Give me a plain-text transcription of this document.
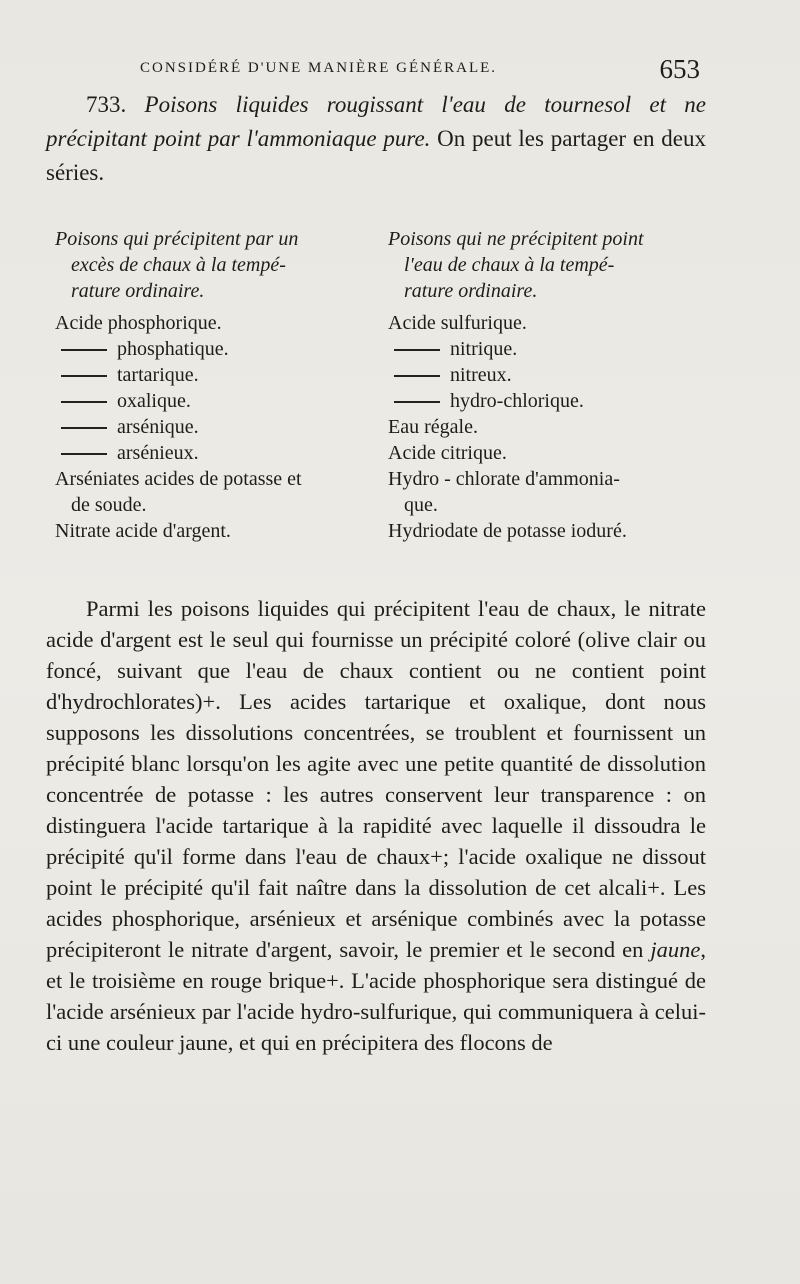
CONSIDÉRÉ D'UNE MANIÈRE GÉNÉRALE.	653
733. Poisons liquides rougissant l'eau de tournesol et ne précipitant point par l'ammoniaque pure. On peut les partager en deux séries.
Poisons qui précipitent par un
excès de chaux à la tempé-
rature ordinaire.
Acide phosphorique.
phosphatique.
tartarique.
oxalique.
arsénique.
arsénieux.
Arséniates acides de potasse et
de soude.
Nitrate acide d'argent.
Poisons qui ne précipitent point
l'eau de chaux à la tempé-
rature ordinaire.
Acide sulfurique.
nitrique.
nitreux.
hydro-chlorique.
Eau régale.
Acide citrique.
Hydro - chlorate d'ammonia-
que.
Hydriodate de potasse ioduré.

Parmi les poisons liquides qui précipitent l'eau de chaux, le nitrate acide d'argent est le seul qui fournisse un précipité coloré (olive clair ou foncé, suivant que l'eau de chaux contient ou ne contient point d'hydrochlorates)+. Les acides tartarique et oxalique, dont nous supposons les dissolutions concentrées, se troublent et fournissent un précipité blanc lorsqu'on les agite avec une petite quantité de dissolution concentrée de potasse : les autres conservent leur transparence : on distinguera l'acide tartarique à la rapidité avec laquelle il dissoudra le précipité qu'il forme dans l'eau de chaux+; l'acide oxalique ne dissout point le précipité qu'il fait naître dans la dissolution de cet alcali+. Les acides phosphorique, arsénieux et arsénique combinés avec la potasse précipiteront le nitrate d'argent, savoir, le premier et le second en jaune, et le troisième en rouge brique+. L'acide phosphorique sera distingué de l'acide arsénieux par l'acide hydro-sulfurique, qui communiquera à celui-ci une couleur jaune, et qui en précipitera des flocons de
